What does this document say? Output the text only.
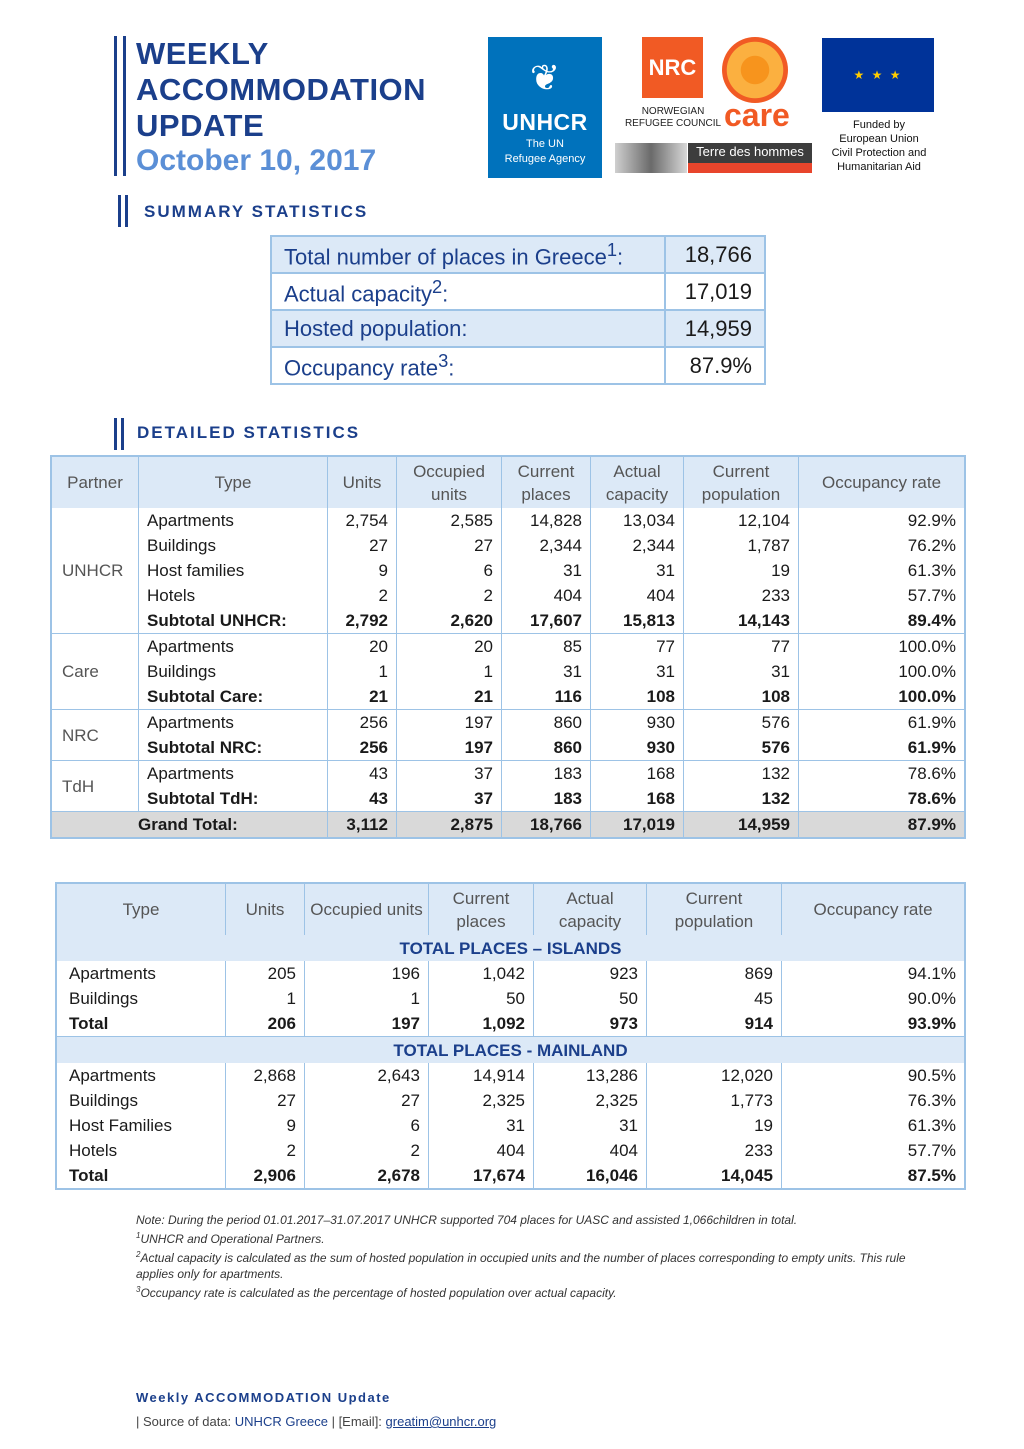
WEEKLY
ACCOMMODATION
UPDATE
October 10, 2017
❦
UNHCR
The UN
Refugee Agency
NRC
NORWEGIAN
REFUGEE COUNCIL care
Terre des hommes
★ ★ ★
Funded by
European Union
Civil Protection and
Humanitarian Aid
SUMMARY STATISTICS
Total number of places in Greece$^1$:	18,766
Actual capacity$^2$:	17,019
Hosted population:	14,959
Occupancy rate$^3$:	87.9%
DETAILED STATISTICS
Partner	Type	Units	Occupied units	Current places	Actual capacity	Current population	Occupancy rate
UNHCR	Apartments	2,754	2,585	14,828	13,034	12,104	92.9%
	Buildings	27	27	2,344	2,344	1,787	76.2%
	Host families	9	6	31	31	19	61.3%
	Hotels	2	2	404	404	233	57.7%
	Subtotal UNHCR:	2,792	2,620	17,607	15,813	14,143	89.4%
Care	Apartments	20	20	85	77	77	100.0%
	Buildings	1	1	31	31	31	100.0%
	Subtotal Care:	21	21	116	108	108	100.0%
NRC	Apartments	256	197	860	930	576	61.9%
	Subtotal NRC:	256	197	860	930	576	61.9%
TdH	Apartments	43	37	183	168	132	78.6%
	Subtotal TdH:	43	37	183	168	132	78.6%
Grand Total:		3,112	2,875	18,766	17,019	14,959	87.9%
Type	Units	Occupied units	Current places	Actual capacity	Current population	Occupancy rate
TOTAL PLACES – ISLANDS						
Apartments	205	196	1,042	923	869	94.1%
Buildings	1	1	50	50	45	90.0%
Total	206	197	1,092	973	914	93.9%
TOTAL PLACES - MAINLAND						
Apartments	2,868	2,643	14,914	13,286	12,020	90.5%
Buildings	27	27	2,325	2,325	1,773	76.3%
Host Families	9	6	31	31	19	61.3%
Hotels	2	2	404	404	233	57.7%
Total	2,906	2,678	17,674	16,046	14,045	87.5%
Note: During the period 01.01.2017–31.07.2017 UNHCR supported 704 places for UASC and assisted 1,066children in total.
$^1$UNHCR and Operational Partners.
$^2$Actual capacity is calculated as the sum of hosted population in occupied units and the number of places corresponding to empty units. This rule applies only for apartments.
$^3$Occupancy rate is calculated as the percentage of hosted population over actual capacity.
Weekly ACCOMMODATION Update
| Source of data: UNHCR Greece | [Email]: greatim@unhcr.org
